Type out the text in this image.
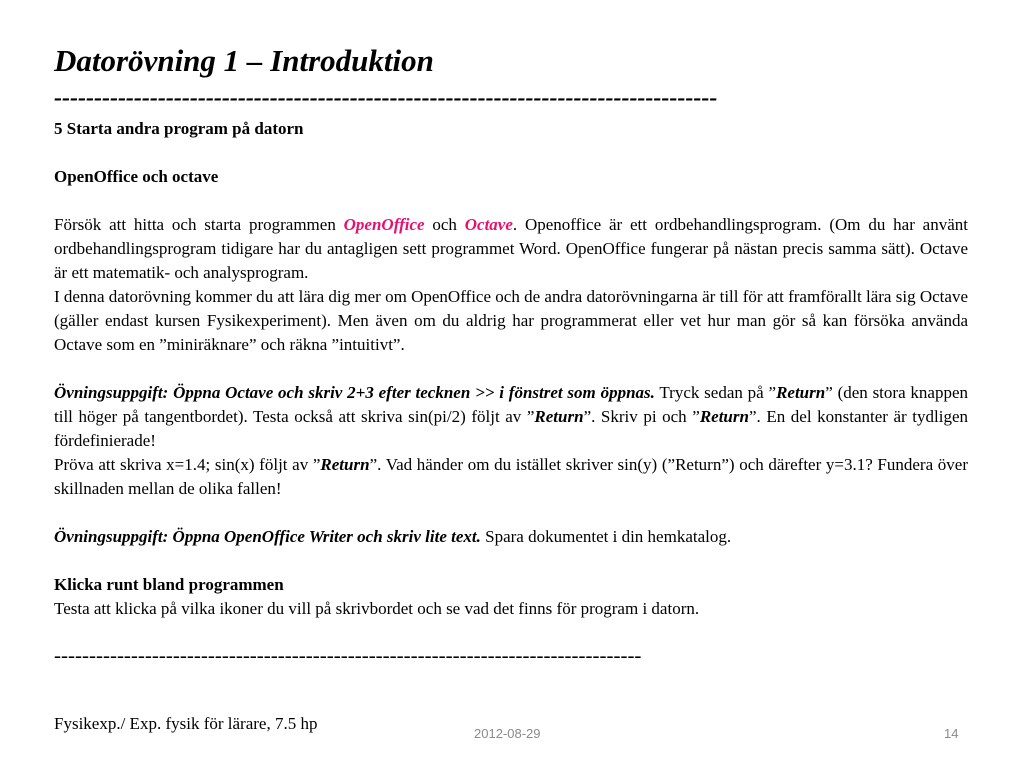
Datorövning 1 – Introduktion
-----------------------------------------------------------------------------------

5 Starta andra program på datorn

OpenOffice och octave

Försök att hitta och starta programmen OpenOffice och Octave. Openoffice är ett ordbehandlingsprogram. (Om du har använt ordbehandlingsprogram tidigare har du antagligen sett programmet Word. OpenOffice fungerar på nästan precis samma sätt). Octave är ett matematik- och analysprogram.

I denna datorövning kommer du att lära dig mer om OpenOffice och de andra datorövningarna är till för att framförallt lära sig Octave (gäller endast kursen Fysikexperiment). Men även om du aldrig har programmerat eller vet hur man gör så kan försöka använda Octave som en ”miniräknare” och räkna ”intuitivt”.

Övningsuppgift: Öppna Octave och skriv 2+3 efter tecknen >> i fönstret som öppnas. Tryck sedan på ”Return” (den stora knappen till höger på tangentbordet). Testa också att skriva sin(pi/2) följt av ”Return”. Skriv pi och ”Return”. En del konstanter är tydligen fördefinierade!

Pröva att skriva x=1.4; sin(x) följt av ”Return”. Vad händer om du istället skriver sin(y) (”Return”) och därefter y=3.1? Fundera över skillnaden mellan de olika fallen!

Övningsuppgift: Öppna OpenOffice Writer och skriv lite text. Spara dokumentet i din hemkatalog.

Klicka runt bland programmen

Testa att klicka på vilka ikoner du vill på skrivbordet och se vad det finns för program i datorn.

------------------------------------------------------------------------------------
Fysikexp./ Exp. fysik för lärare, 7.5 hp
2012-08-29	14
